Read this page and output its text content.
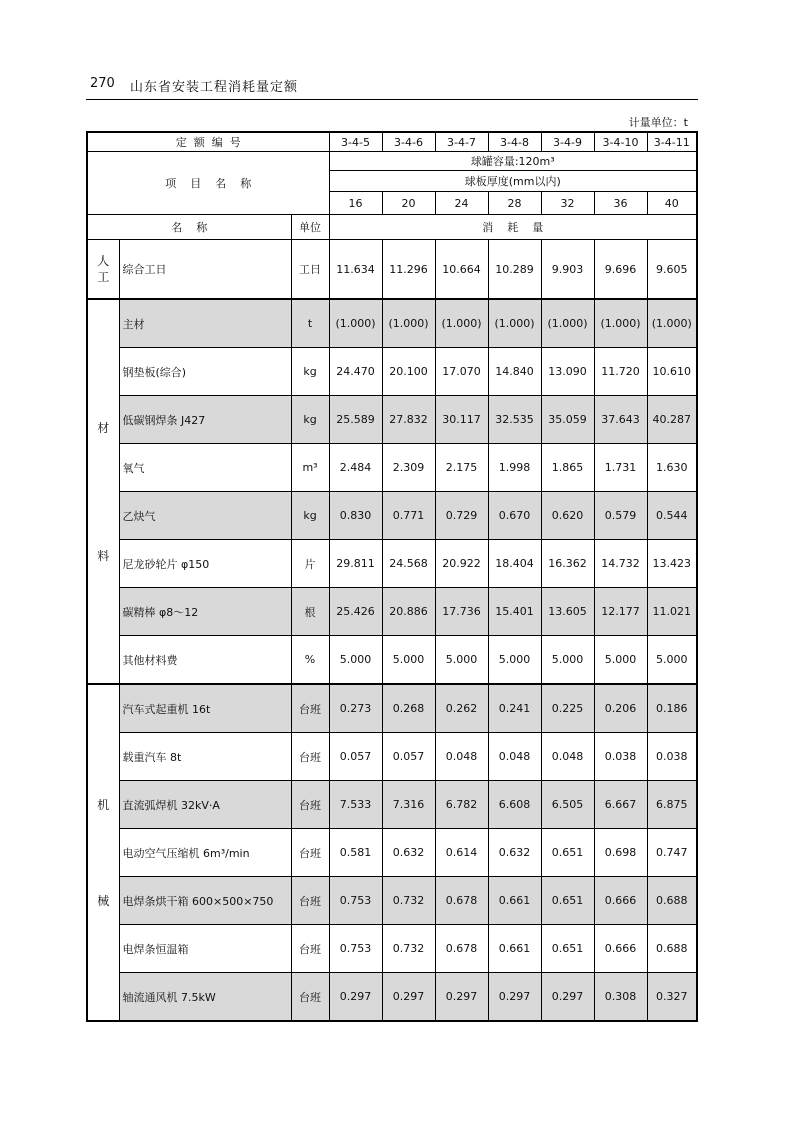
270 山东省安装工程消耗量定额
计量单位：t
定  额  编  号			3-4-5	3-4-6	3-4-7	3-4-8	3-4-9	3-4-10	3-4-11
项    目    名    称			球罐容量:120m³						
			球板厚度(mm以内)						
			16	20	24	28	32	36	40
名    称		单位	消    耗    量						
人
工	综合工日	工日	11.634	11.296	10.664	10.289	9.903	9.696	9.605
材

料	主材	t	(1.000)	(1.000)	(1.000)	(1.000)	(1.000)	(1.000)	(1.000)
	钢垫板(综合)	kg	24.470	20.100	17.070	14.840	13.090	11.720	10.610
	低碳钢焊条 J427	kg	25.589	27.832	30.117	32.535	35.059	37.643	40.287
	氧气	m³	2.484	2.309	2.175	1.998	1.865	1.731	1.630
	乙炔气	kg	0.830	0.771	0.729	0.670	0.620	0.579	0.544
	尼龙砂轮片 φ150	片	29.811	24.568	20.922	18.404	16.362	14.732	13.423
	碳精棒 φ8～12	根	25.426	20.886	17.736	15.401	13.605	12.177	11.021
	其他材料费	%	5.000	5.000	5.000	5.000	5.000	5.000	5.000
机

械	汽车式起重机 16t	台班	0.273	0.268	0.262	0.241	0.225	0.206	0.186
	载重汽车 8t	台班	0.057	0.057	0.048	0.048	0.048	0.038	0.038
	直流弧焊机 32kV·A	台班	7.533	7.316	6.782	6.608	6.505	6.667	6.875
	电动空气压缩机 6m³/min	台班	0.581	0.632	0.614	0.632	0.651	0.698	0.747
	电焊条烘干箱 600×500×750	台班	0.753	0.732	0.678	0.661	0.651	0.666	0.688
	电焊条恒温箱	台班	0.753	0.732	0.678	0.661	0.651	0.666	0.688
	轴流通风机 7.5kW	台班	0.297	0.297	0.297	0.297	0.297	0.308	0.327
